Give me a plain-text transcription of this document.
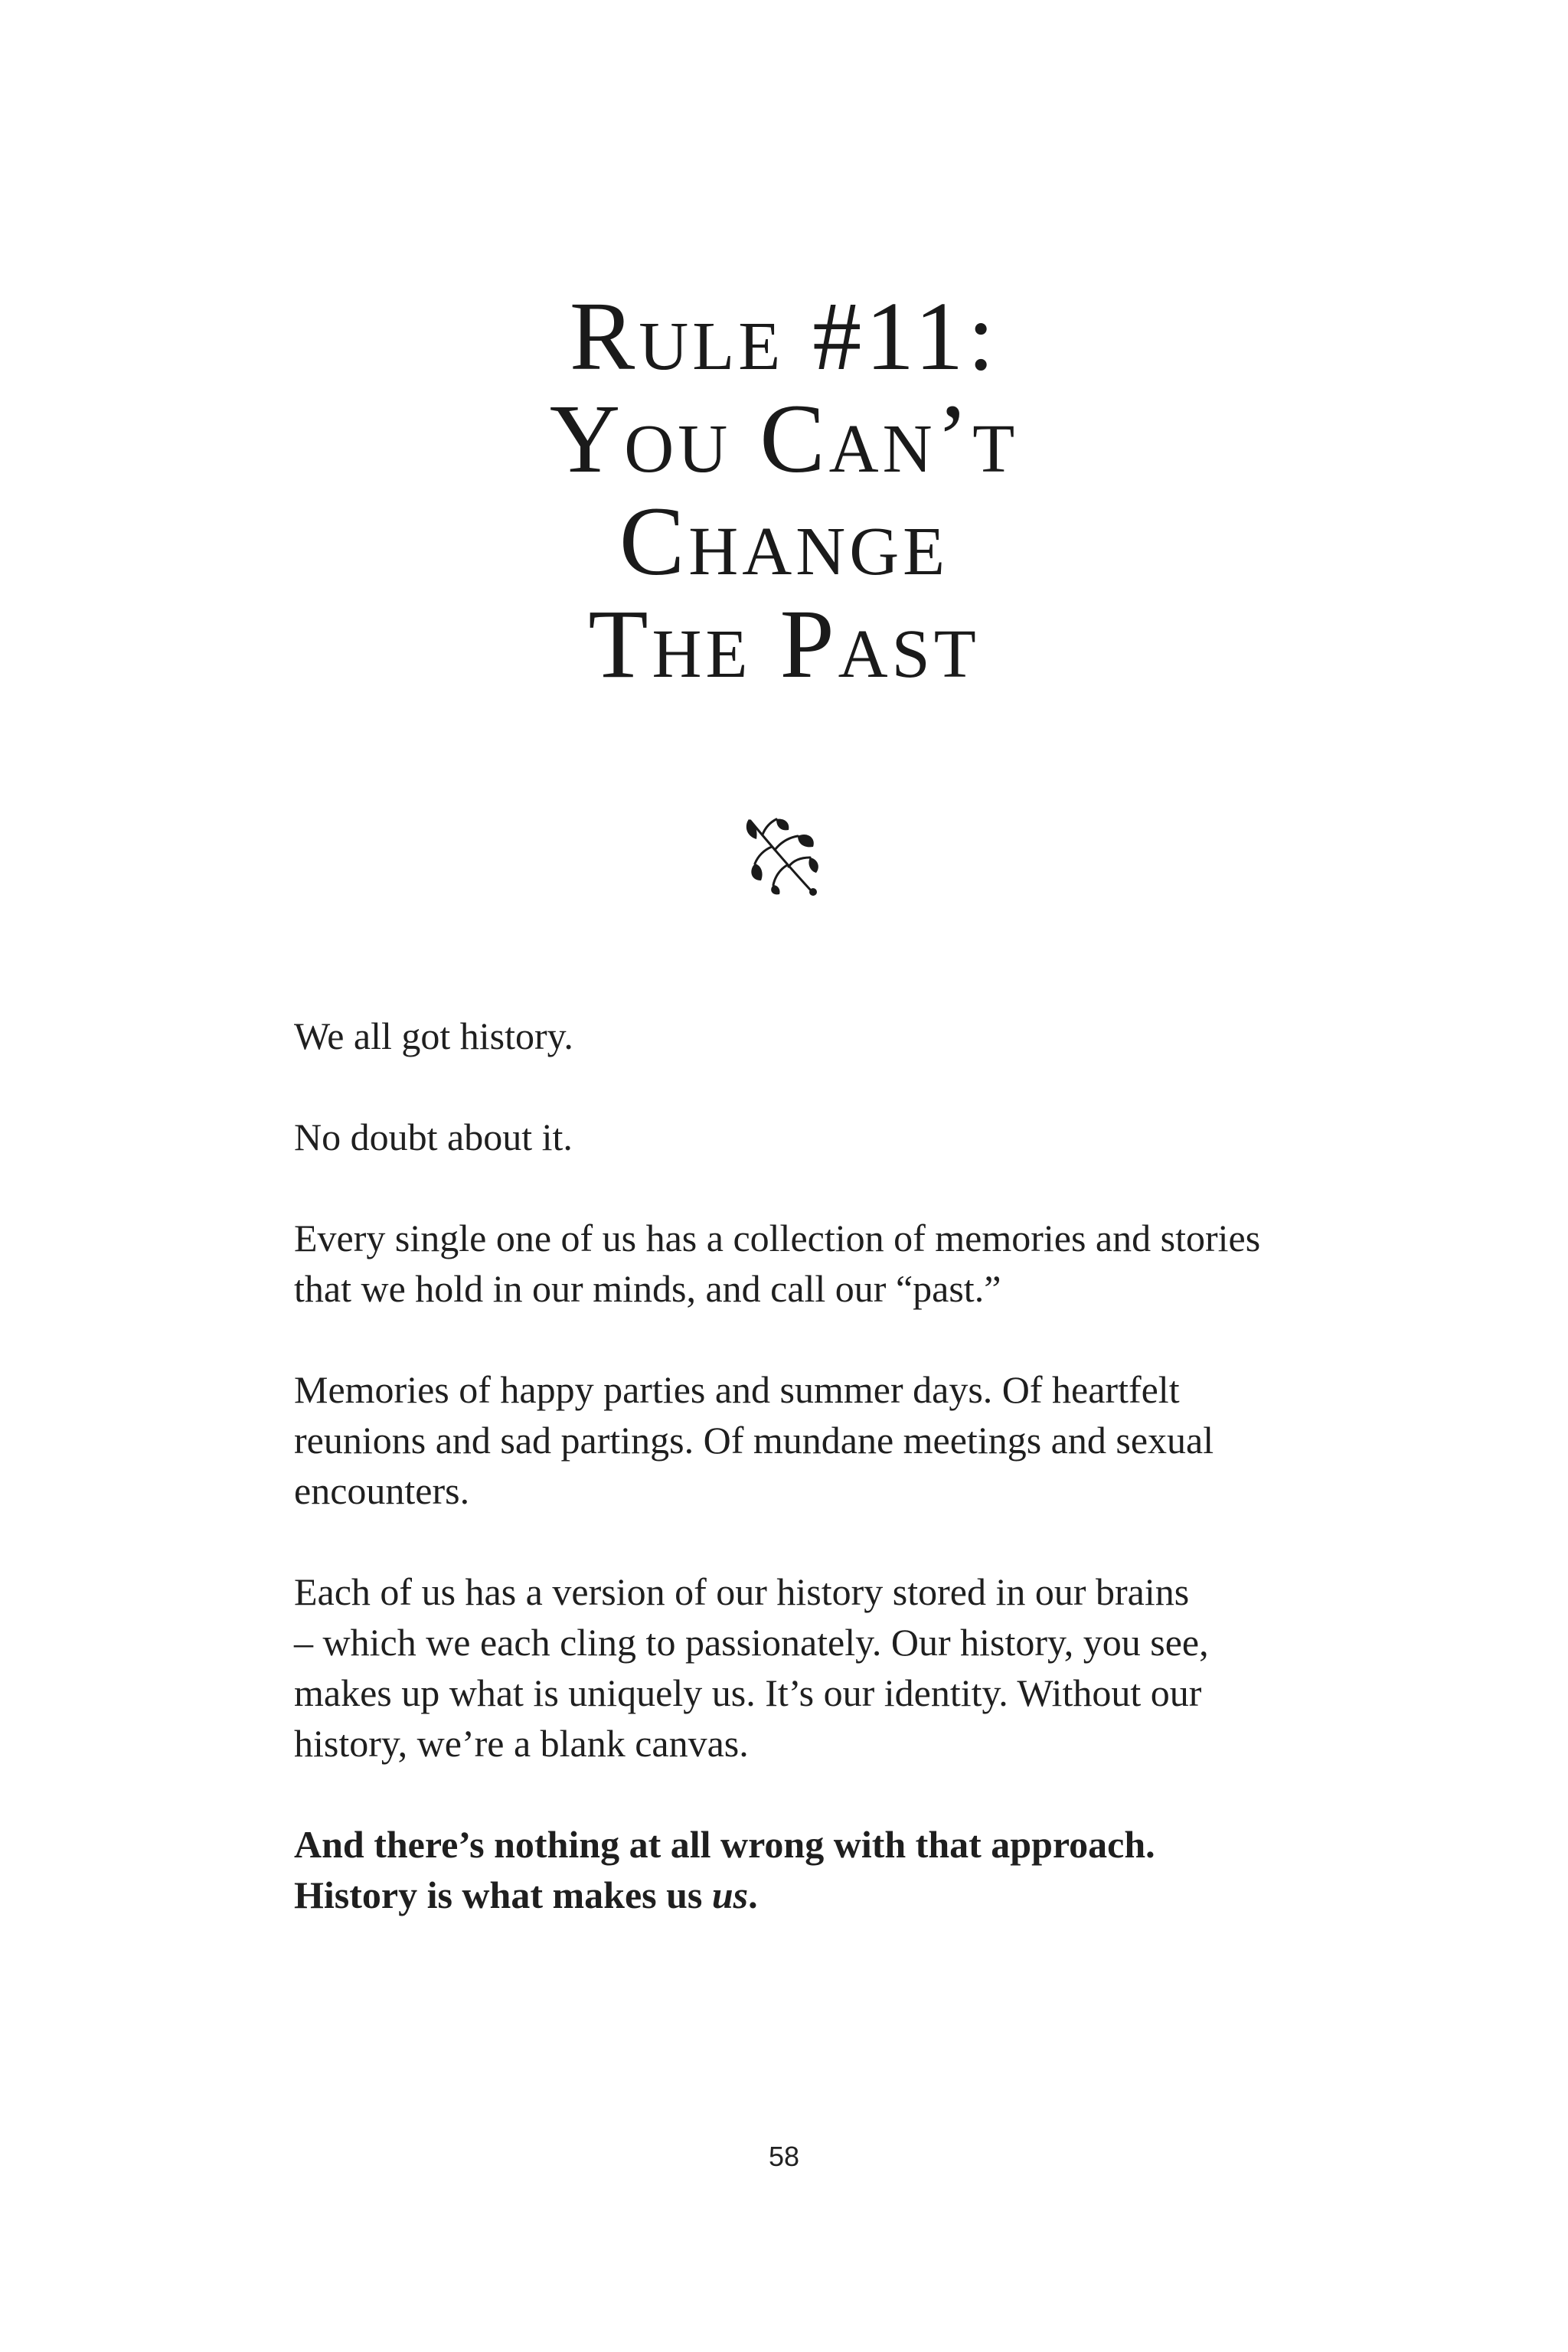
Rule #11:
You Can’t
Change
The Past

We all got history.

No doubt about it.

Every single one of us has a collection of memories and stories
that we hold in our minds, and call our “past.”

Memories of happy parties and summer days. Of heartfelt
reunions and sad partings. Of mundane meetings and sexual
encounters.

Each of us has a version of our history stored in our brains
– which we each cling to passionately. Our history, you see,
makes up what is uniquely us. It’s our identity. Without our
history, we’re a blank canvas.

And there’s nothing at all wrong with that approach.
History is what makes us us.

58
